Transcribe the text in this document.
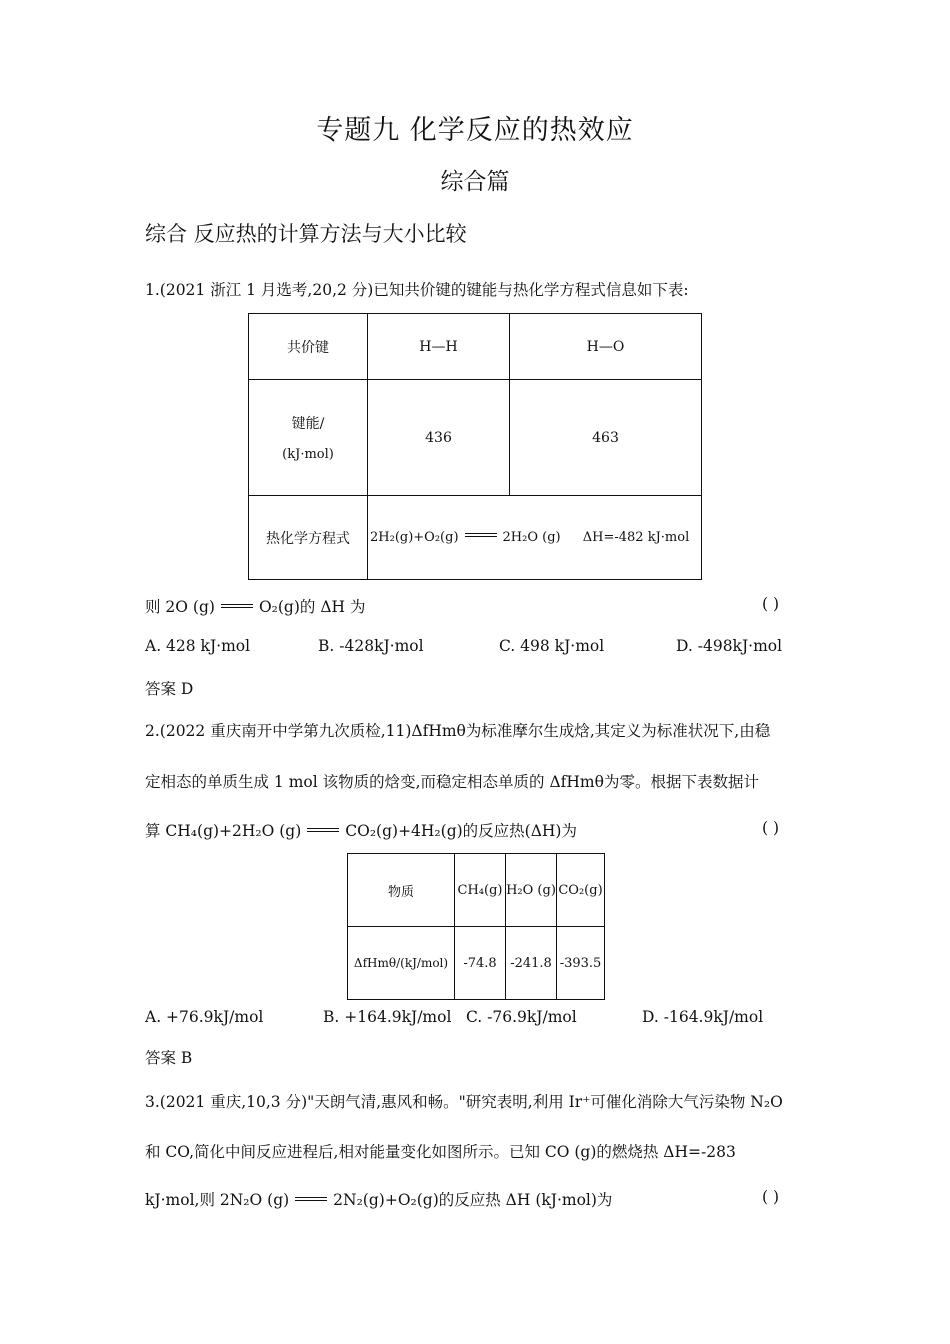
专题九 化学反应的热效应
综合篇
综合 反应热的计算方法与大小比较
1.(2021 浙江 1 月选考,20,2 分)已知共价键的键能与热化学方程式信息如下表:
共价键	H—H	H—O

键能/
(kJ·mol)	436	463
热化学方程式	2H₂(g)+O₂(g) 2H₂O (g) ΔH=-482 kJ·mol	
则 2O (g)	O₂(g)的 ΔH 为	( )
A. 428 kJ·mol	B. -428kJ·mol	C. 498 kJ·mol	D. -498kJ·mol
答案 D
2.(2022 重庆南开中学第九次质检,11)ΔfHmθ为标准摩尔生成焓,其定义为标准状况下,由稳
定相态的单质生成 1 mol 该物质的焓变,而稳定相态单质的 ΔfHmθ为零。根据下表数据计
算 CH₄(g)+2H₂O (g)	CO₂(g)+4H₂(g)的反应热(ΔH)为	( )
物质	CH₄(g)	H₂O (g)	CO₂(g)
ΔfHmθ/(kJ/mol)	-74.8	-241.8	-393.5
A. +76.9kJ/mol	B. +164.9kJ/mol C. -76.9kJ/mol	D. -164.9kJ/mol
答案 B
3.(2021 重庆,10,3 分)"天朗气清,惠风和畅。"研究表明,利用 Ir⁺可催化消除大气污染物 N₂O
和 CO,简化中间反应进程后,相对能量变化如图所示。已知 CO (g)的燃烧热 ΔH=-283
kJ·mol,则 2N₂O (g)	2N₂(g)+O₂(g)的反应热 ΔH (kJ·mol)为	( )
